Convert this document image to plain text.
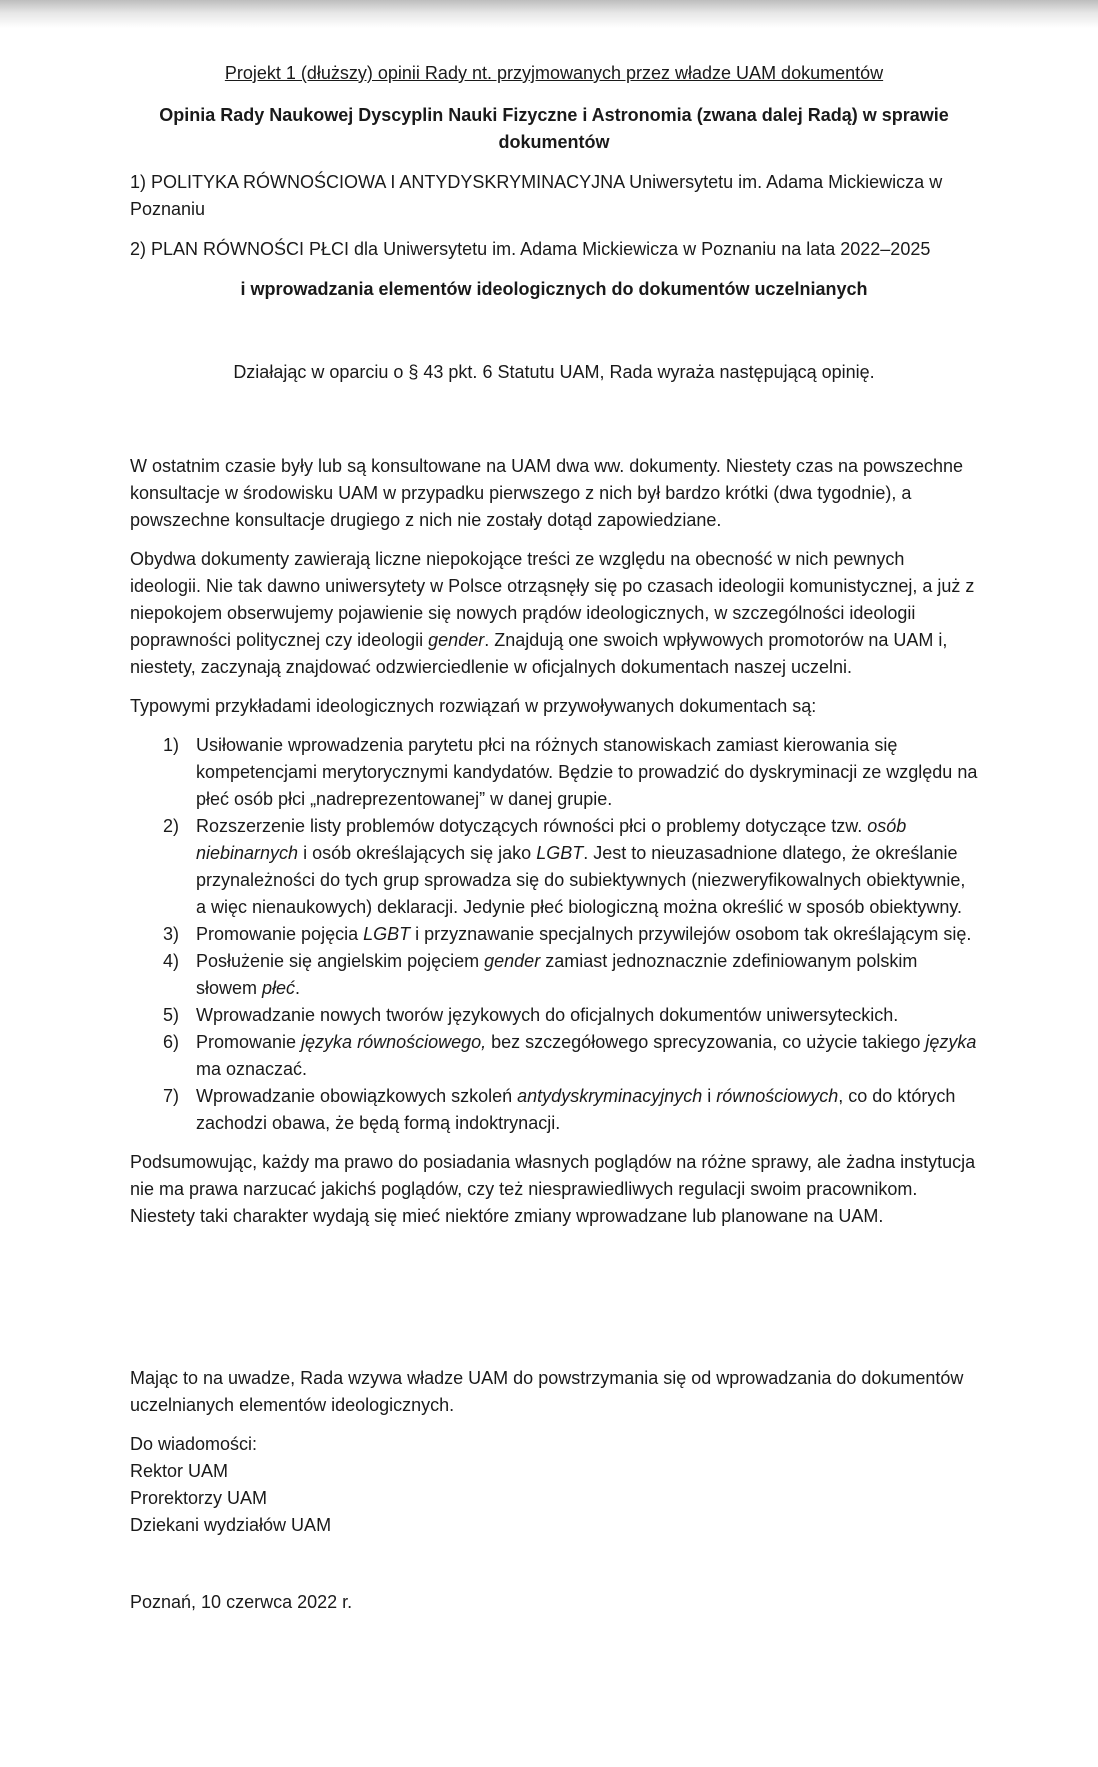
Projekt 1 (dłuższy) opinii Rady nt. przyjmowanych przez władze UAM dokumentów

Opinia Rady Naukowej Dyscyplin Nauki Fizyczne i Astronomia (zwana dalej Radą) w sprawie dokumentów

1) POLITYKA RÓWNOŚCIOWA I ANTYDYSKRYMINACYJNA Uniwersytetu im. Adama Mickiewicza w Poznaniu

2) PLAN RÓWNOŚCI PŁCI dla Uniwersytetu im. Adama Mickiewicza w Poznaniu na lata 2022–2025

i wprowadzania elementów ideologicznych do dokumentów uczelnianych

Działając w oparciu o § 43 pkt. 6 Statutu UAM, Rada wyraża następującą opinię.

W ostatnim czasie były lub są konsultowane na UAM dwa ww. dokumenty. Niestety czas na powszechne konsultacje w środowisku UAM w przypadku pierwszego z nich był bardzo krótki (dwa tygodnie), a powszechne konsultacje drugiego z nich nie zostały dotąd zapowiedziane.

Obydwa dokumenty zawierają liczne niepokojące treści ze względu na obecność w nich pewnych ideologii. Nie tak dawno uniwersytety w Polsce otrząsnęły się po czasach ideologii komunistycznej, a już z niepokojem obserwujemy pojawienie się nowych prądów ideologicznych, w szczególności ideologii poprawności politycznej czy ideologii gender. Znajdują one swoich wpływowych promotorów na UAM i, niestety, zaczynają znajdować odzwierciedlenie w oficjalnych dokumentach naszej uczelni.

Typowymi przykładami ideologicznych rozwiązań w przywoływanych dokumentach są:

1) Usiłowanie wprowadzenia parytetu płci na różnych stanowiskach zamiast kierowania się kompetencjami merytorycznymi kandydatów. Będzie to prowadzić do dyskryminacji ze względu na płeć osób płci „nadreprezentowanej” w danej grupie.
2) Rozszerzenie listy problemów dotyczących równości płci o problemy dotyczące tzw. osób niebinarnych i osób określających się jako LGBT. Jest to nieuzasadnione dlatego, że określanie przynależności do tych grup sprowadza się do subiektywnych (niezweryfikowalnych obiektywnie, a więc nienaukowych) deklaracji. Jedynie płeć biologiczną można określić w sposób obiektywny.
3) Promowanie pojęcia LGBT i przyznawanie specjalnych przywilejów osobom tak określającym się.
4) Posłużenie się angielskim pojęciem gender zamiast jednoznacznie zdefiniowanym polskim słowem płeć.
5) Wprowadzanie nowych tworów językowych do oficjalnych dokumentów uniwersyteckich.
6) Promowanie języka równościowego, bez szczegółowego sprecyzowania, co użycie takiego języka ma oznaczać.
7) Wprowadzanie obowiązkowych szkoleń antydyskryminacyjnych i równościowych, co do których zachodzi obawa, że będą formą indoktrynacji.

Podsumowując, każdy ma prawo do posiadania własnych poglądów na różne sprawy, ale żadna instytucja nie ma prawa narzucać jakichś poglądów, czy też niesprawiedliwych regulacji swoim pracownikom. Niestety taki charakter wydają się mieć niektóre zmiany wprowadzane lub planowane na UAM.

Mając to na uwadze, Rada wzywa władze UAM do powstrzymania się od wprowadzania do dokumentów uczelnianych elementów ideologicznych.

Do wiadomości:
Rektor UAM
Prorektorzy UAM
Dziekani wydziałów UAM

Poznań, 10 czerwca 2022 r.
